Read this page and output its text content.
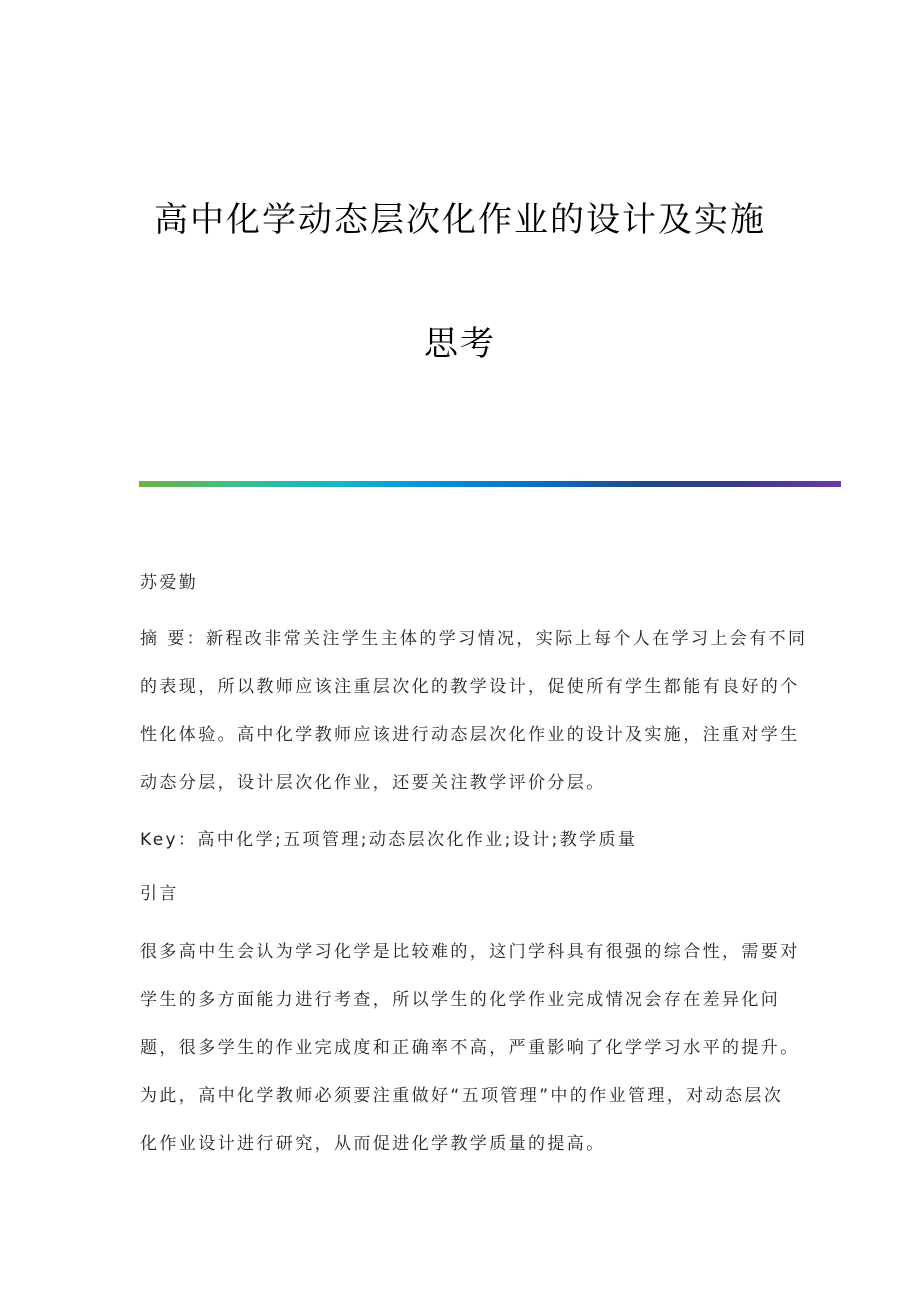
高中化学动态层次化作业的设计及实施
思考
苏爱勤
摘 要：新程改非常关注学生主体的学习情况，实际上每个人在学习上会有不同
的表现，所以教师应该注重层次化的教学设计，促使所有学生都能有良好的个
性化体验。高中化学教师应该进行动态层次化作业的设计及实施，注重对学生
动态分层，设计层次化作业，还要关注教学评价分层。
Key：高中化学;五项管理;动态层次化作业;设计;教学质量
引言
很多高中生会认为学习化学是比较难的，这门学科具有很强的综合性，需要对
学生的多方面能力进行考查，所以学生的化学作业完成情况会存在差异化问
题，很多学生的作业完成度和正确率不高，严重影响了化学学习水平的提升。
为此，高中化学教师必须要注重做好“五项管理”中的作业管理，对动态层次
化作业设计进行研究，从而促进化学教学质量的提高。
